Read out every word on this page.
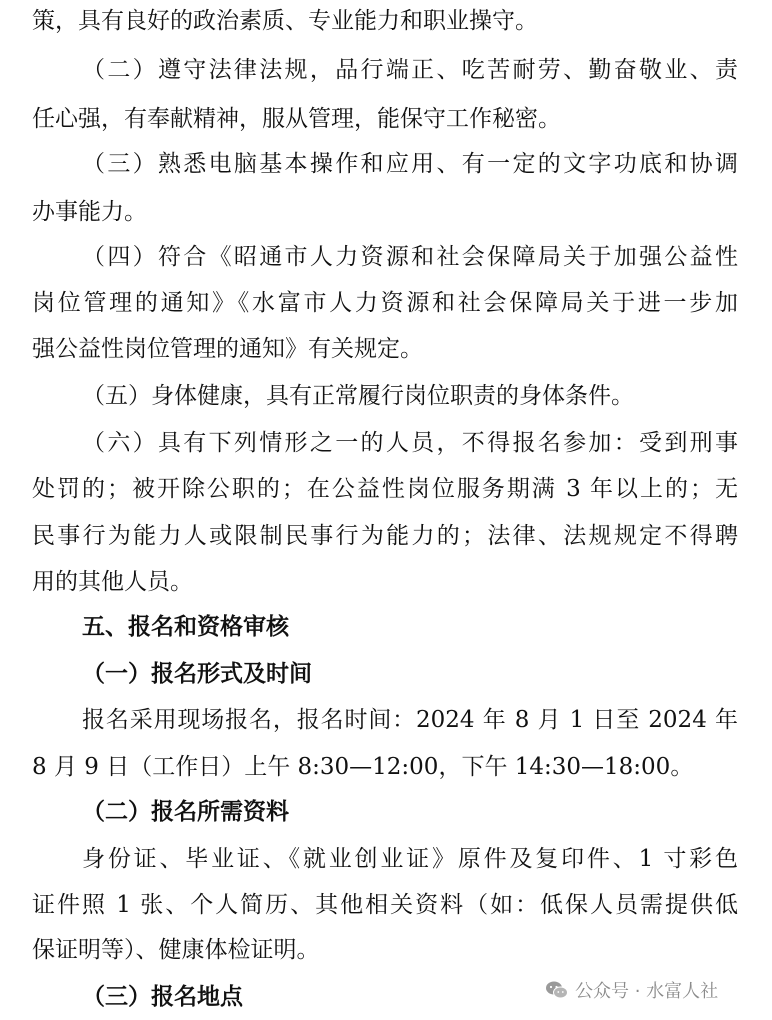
策，具有良好的政治素质、专业能力和职业操守。
（二）遵守法律法规，品行端正、吃苦耐劳、勤奋敬业、责
任心强，有奉献精神，服从管理，能保守工作秘密。
（三）熟悉电脑基本操作和应用、有一定的文字功底和协调
办事能力。
（四）符合《昭通市人力资源和社会保障局关于加强公益性
岗位管理的通知》《水富市人力资源和社会保障局关于进一步加
强公益性岗位管理的通知》有关规定。
（五）身体健康，具有正常履行岗位职责的身体条件。
（六）具有下列情形之一的人员，不得报名参加：受到刑事
处罚的；被开除公职的；在公益性岗位服务期满 3 年以上的；无
民事行为能力人或限制民事行为能力的；法律、法规规定不得聘
用的其他人员。
五、报名和资格审核
（一）报名形式及时间
报名采用现场报名，报名时间：2024 年 8 月 1 日至 2024 年
8 月 9 日（工作日）上午 8:30—12:00，下午 14:30—18:00。
（二）报名所需资料
身份证、毕业证、《就业创业证》原件及复印件、1 寸彩色
证件照 1 张、个人简历、其他相关资料（如：低保人员需提供低
保证明等）、健康体检证明。
（三）报名地点	公众号 · 水富人社
